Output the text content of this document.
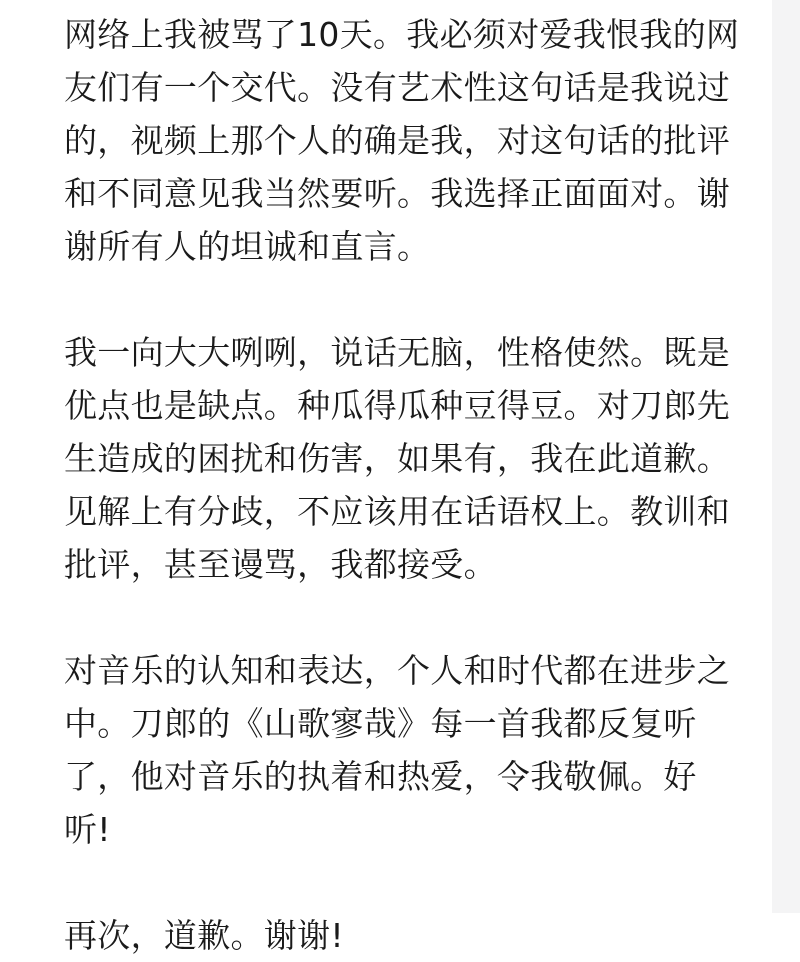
网络上我被骂了10天。我必须对爱我恨我的网
友们有一个交代。没有艺术性这句话是我说过
的，视频上那个人的确是我，对这句话的批评
和不同意见我当然要听。我选择正面面对。谢
谢所有人的坦诚和直言。

我一向大大咧咧，说话无脑，性格使然。既是
优点也是缺点。种瓜得瓜种豆得豆。对刀郎先
生造成的困扰和伤害，如果有，我在此道歉。
见解上有分歧，不应该用在话语权上。教训和
批评，甚至谩骂，我都接受。

对音乐的认知和表达，个人和时代都在进步之
中。刀郎的《山歌寥哉》每一首我都反复听
了，他对音乐的执着和热爱，令我敬佩。好
听!

再次，道歉。谢谢!
